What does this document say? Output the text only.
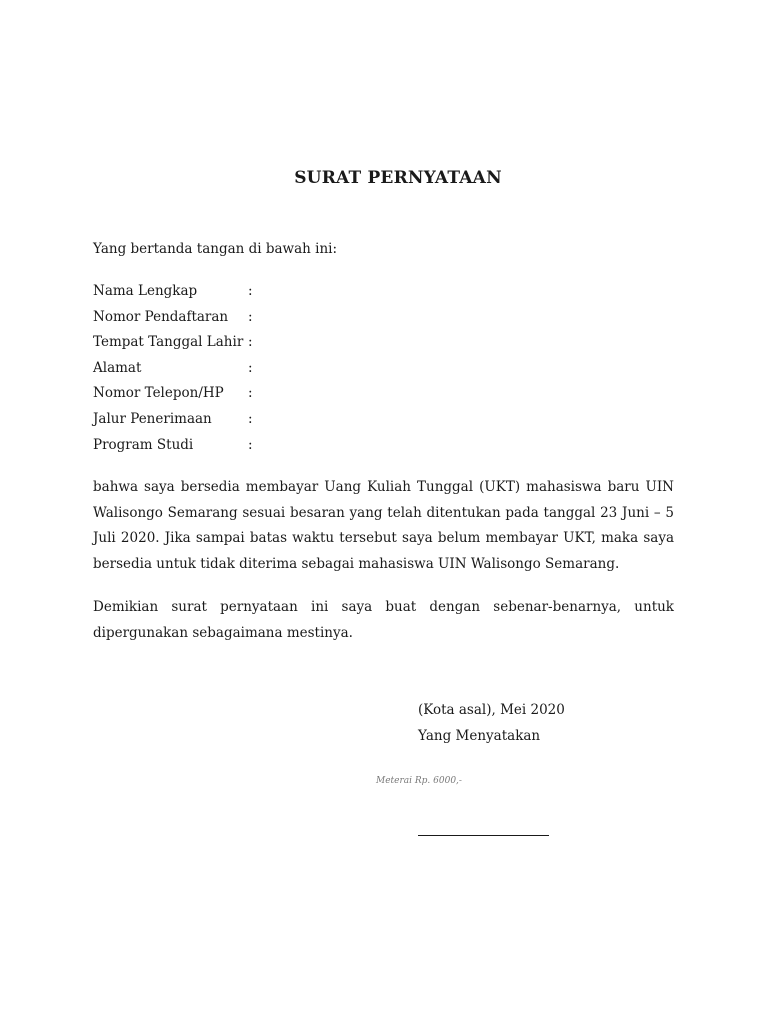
SURAT PERNYATAAN
Yang bertanda tangan di bawah ini:
Nama Lengkap	:
Nomor Pendaftaran	:
Tempat Tanggal Lahir :
Alamat	:
Nomor Telepon/HP	:
Jalur Penerimaan	:
Program Studi	:
bahwa saya bersedia membayar Uang Kuliah Tunggal (UKT) mahasiswa baru UIN Walisongo Semarang sesuai besaran yang telah ditentukan pada tanggal 23 Juni – 5 Juli 2020. Jika sampai batas waktu tersebut saya belum membayar UKT, maka saya bersedia untuk tidak diterima sebagai mahasiswa UIN Walisongo Semarang.
Demikian surat pernyataan ini saya buat dengan sebenar-benarnya, untuk dipergunakan sebagaimana mestinya.
(Kota asal), Mei 2020
Yang Menyatakan
Meterai Rp. 6000,-
